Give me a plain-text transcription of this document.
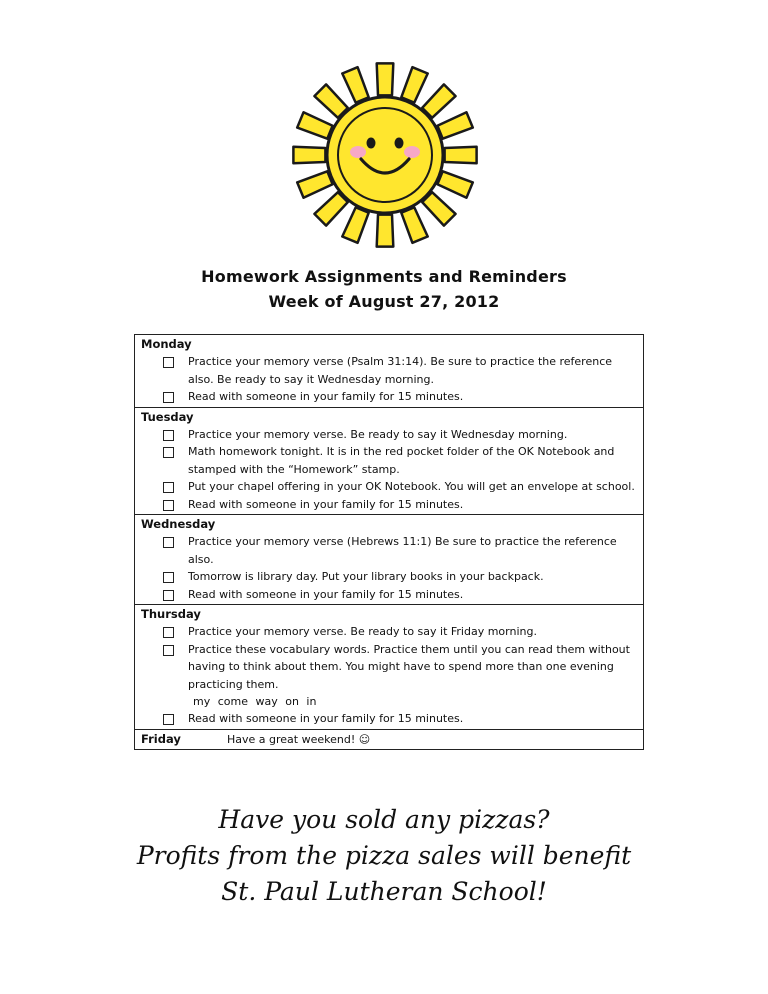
Homework Assignments and Reminders
Week of August 27, 2012
Monday
Practice your memory verse (Psalm 31:14). Be sure to practice the reference also. Be ready to say it Wednesday morning.
Read with someone in your family for 15 minutes.
Tuesday
Practice your memory verse. Be ready to say it Wednesday morning.
Math homework tonight. It is in the red pocket folder of the OK Notebook and stamped with the “Homework” stamp.
Put your chapel offering in your OK Notebook. You will get an envelope at school.
Read with someone in your family for 15 minutes.
Wednesday
Practice your memory verse (Hebrews 11:1) Be sure to practice the reference also.
Tomorrow is library day. Put your library books in your backpack.
Read with someone in your family for 15 minutes.
Thursday
Practice your memory verse. Be ready to say it Friday morning.
Practice these vocabulary words. Practice them until you can read them without having to think about them. You might have to spend more than one evening practicing them.
my come way on in
Read with someone in your family for 15 minutes.
Friday	Have a great weekend! ☺
Have you sold any pizzas?
Profits from the pizza sales will benefit
St. Paul Lutheran School!
